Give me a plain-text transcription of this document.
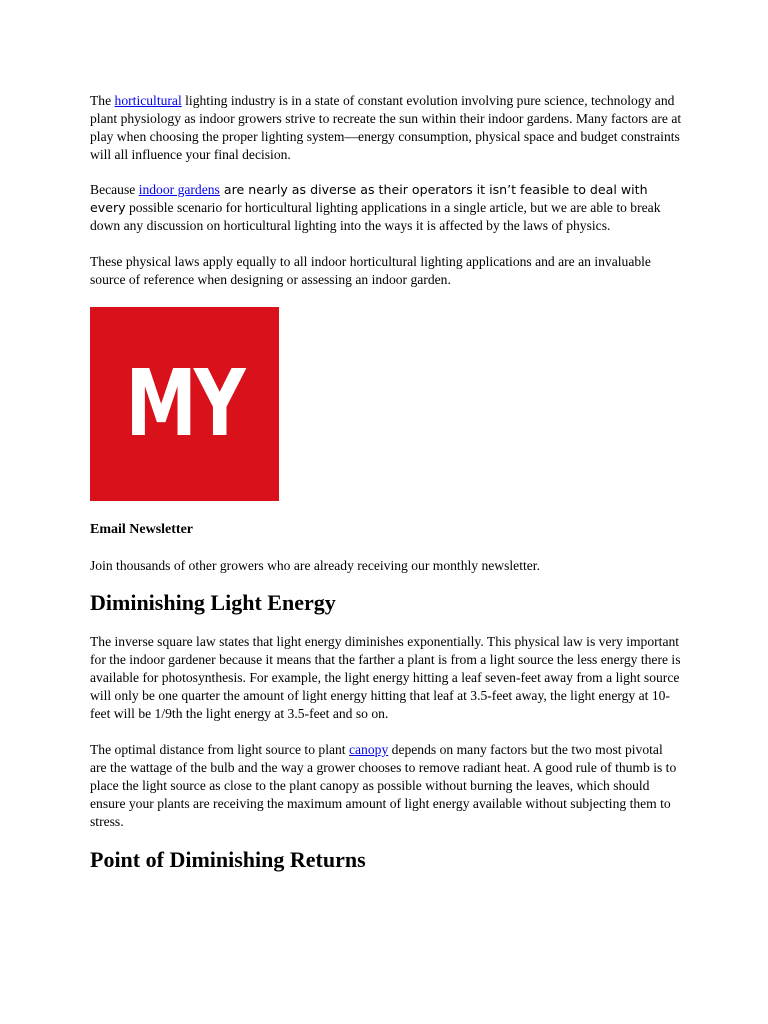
The horticultural lighting industry is in a state of constant evolution involving pure science, technology and plant physiology as indoor growers strive to recreate the sun within their indoor gardens. Many factors are at play when choosing the proper lighting system—energy consumption, physical space and budget constraints will all influence your final decision.

Because indoor gardens are nearly as diverse as their operators it isn’t feasible to deal with every possible scenario for horticultural lighting applications in a single article, but we are able to break down any discussion on horticultural lighting into the ways it is affected by the laws of physics.

These physical laws apply equally to all indoor horticultural lighting applications and are an invaluable source of reference when designing or assessing an indoor garden.

MY
Email Newsletter

Join thousands of other growers who are already receiving our monthly newsletter.

Diminishing Light Energy

The inverse square law states that light energy diminishes exponentially. This physical law is very important for the indoor gardener because it means that the farther a plant is from a light source the less energy there is available for photosynthesis. For example, the light energy hitting a leaf seven-feet away from a light source will only be one quarter the amount of light energy hitting that leaf at 3.5-feet away, the light energy at 10-feet will be 1/9th the light energy at 3.5-feet and so on.

The optimal distance from light source to plant canopy depends on many factors but the two most pivotal are the wattage of the bulb and the way a grower chooses to remove radiant heat. A good rule of thumb is to place the light source as close to the plant canopy as possible without burning the leaves, which should ensure your plants are receiving the maximum amount of light energy available without subjecting them to stress.

Point of Diminishing Returns
